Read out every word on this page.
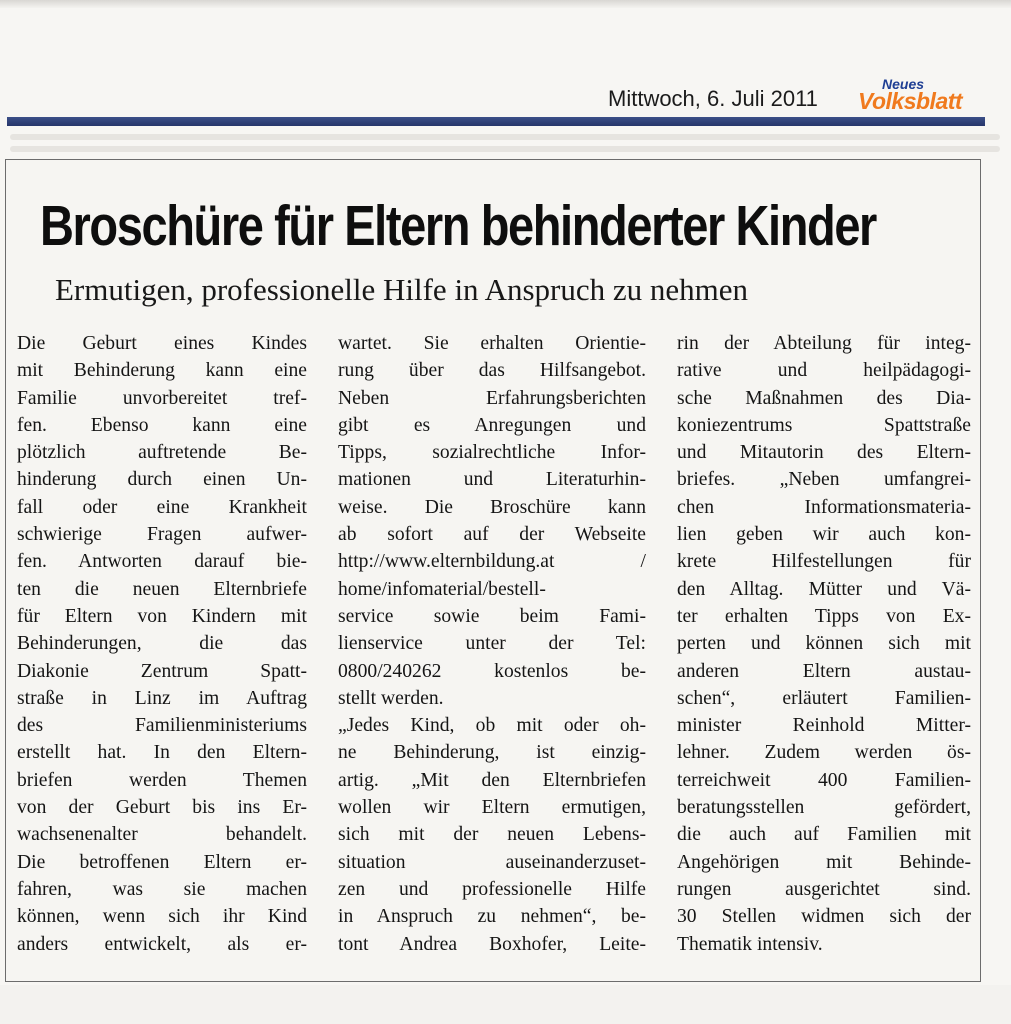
Mittwoch, 6. Juli 2011
Neues
Volksblatt
Broschüre für Eltern behinderter Kinder
Ermutigen, professionelle Hilfe in Anspruch zu nehmen
Die Geburt eines Kindes
mit Behinderung kann eine
Familie unvorbereitet tref-
fen. Ebenso kann eine
plötzlich auftretende Be-
hinderung durch einen Un-
fall oder eine Krankheit
schwierige Fragen aufwer-
fen. Antworten darauf bie-
ten die neuen Elternbriefe
für Eltern von Kindern mit
Behinderungen, die das
Diakonie Zentrum Spatt-
straße in Linz im Auftrag
des Familienministeriums
erstellt hat. In den Eltern-
briefen werden Themen
von der Geburt bis ins Er-
wachsenenalter behandelt.
Die betroffenen Eltern er-
fahren, was sie machen
können, wenn sich ihr Kind
anders entwickelt, als er-
wartet. Sie erhalten Orientie-
rung über das Hilfsangebot.
Neben Erfahrungsberichten
gibt es Anregungen und
Tipps, sozialrechtliche Infor-
mationen und Literaturhin-
weise. Die Broschüre kann
ab sofort auf der Webseite
http://www.elternbildung.at /
home/infomaterial/bestell-
service sowie beim Fami-
lienservice unter der Tel:
0800/240262 kostenlos be-
stellt werden.
„Jedes Kind, ob mit oder oh-
ne Behinderung, ist einzig-
artig. „Mit den Elternbriefen
wollen wir Eltern ermutigen,
sich mit der neuen Lebens-
situation auseinanderzuset-
zen und professionelle Hilfe
in Anspruch zu nehmen“, be-
tont Andrea Boxhofer, Leite-
rin der Abteilung für integ-
rative und heilpädagogi-
sche Maßnahmen des Dia-
koniezentrums Spattstraße
und Mitautorin des Eltern-
briefes. „Neben umfangrei-
chen Informationsmateria-
lien geben wir auch kon-
krete Hilfestellungen für
den Alltag. Mütter und Vä-
ter erhalten Tipps von Ex-
perten und können sich mit
anderen Eltern austau-
schen“, erläutert Familien-
minister Reinhold Mitter-
lehner. Zudem werden ös-
terreichweit 400 Familien-
beratungsstellen gefördert,
die auch auf Familien mit
Angehörigen mit Behinde-
rungen ausgerichtet sind.
30 Stellen widmen sich der
Thematik intensiv.
